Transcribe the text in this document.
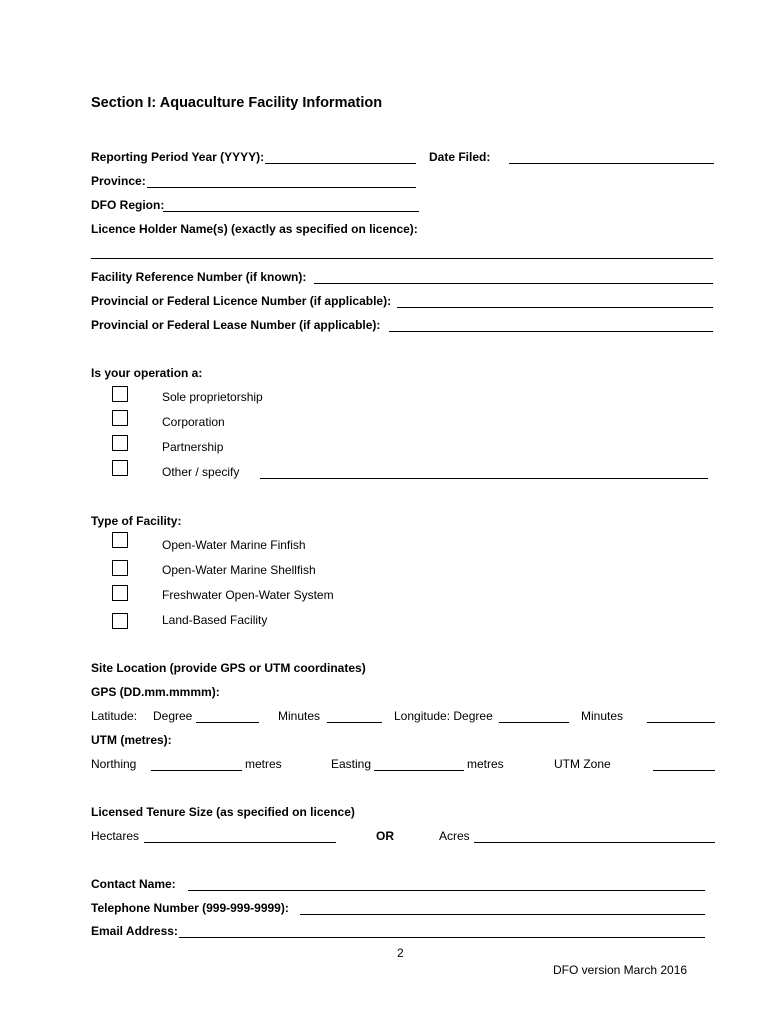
Section I: Aquaculture Facility Information
Reporting Period Year (YYYY):	Date Filed:
Province:
DFO Region:
Licence Holder Name(s) (exactly as specified on licence):
Facility Reference Number (if known):
Provincial or Federal Licence Number (if applicable):
Provincial or Federal Lease Number (if applicable):
Is your operation a:
Sole proprietorship
Corporation
Partnership
Other / specify
Type of Facility:
Open-Water Marine Finfish
Open-Water Marine Shellfish
Freshwater Open-Water System
Land-Based Facility
Site Location (provide GPS or UTM coordinates)
GPS (DD.mm.mmmm):
Latitude: Degree	Minutes	Longitude: Degree	Minutes
UTM (metres):
Northing	metres	Easting	metres	UTM Zone
Licensed Tenure Size (as specified on licence)
Hectares	OR	Acres
Contact Name:
Telephone Number (999-999-9999):
Email Address:
2
DFO version March 2016
